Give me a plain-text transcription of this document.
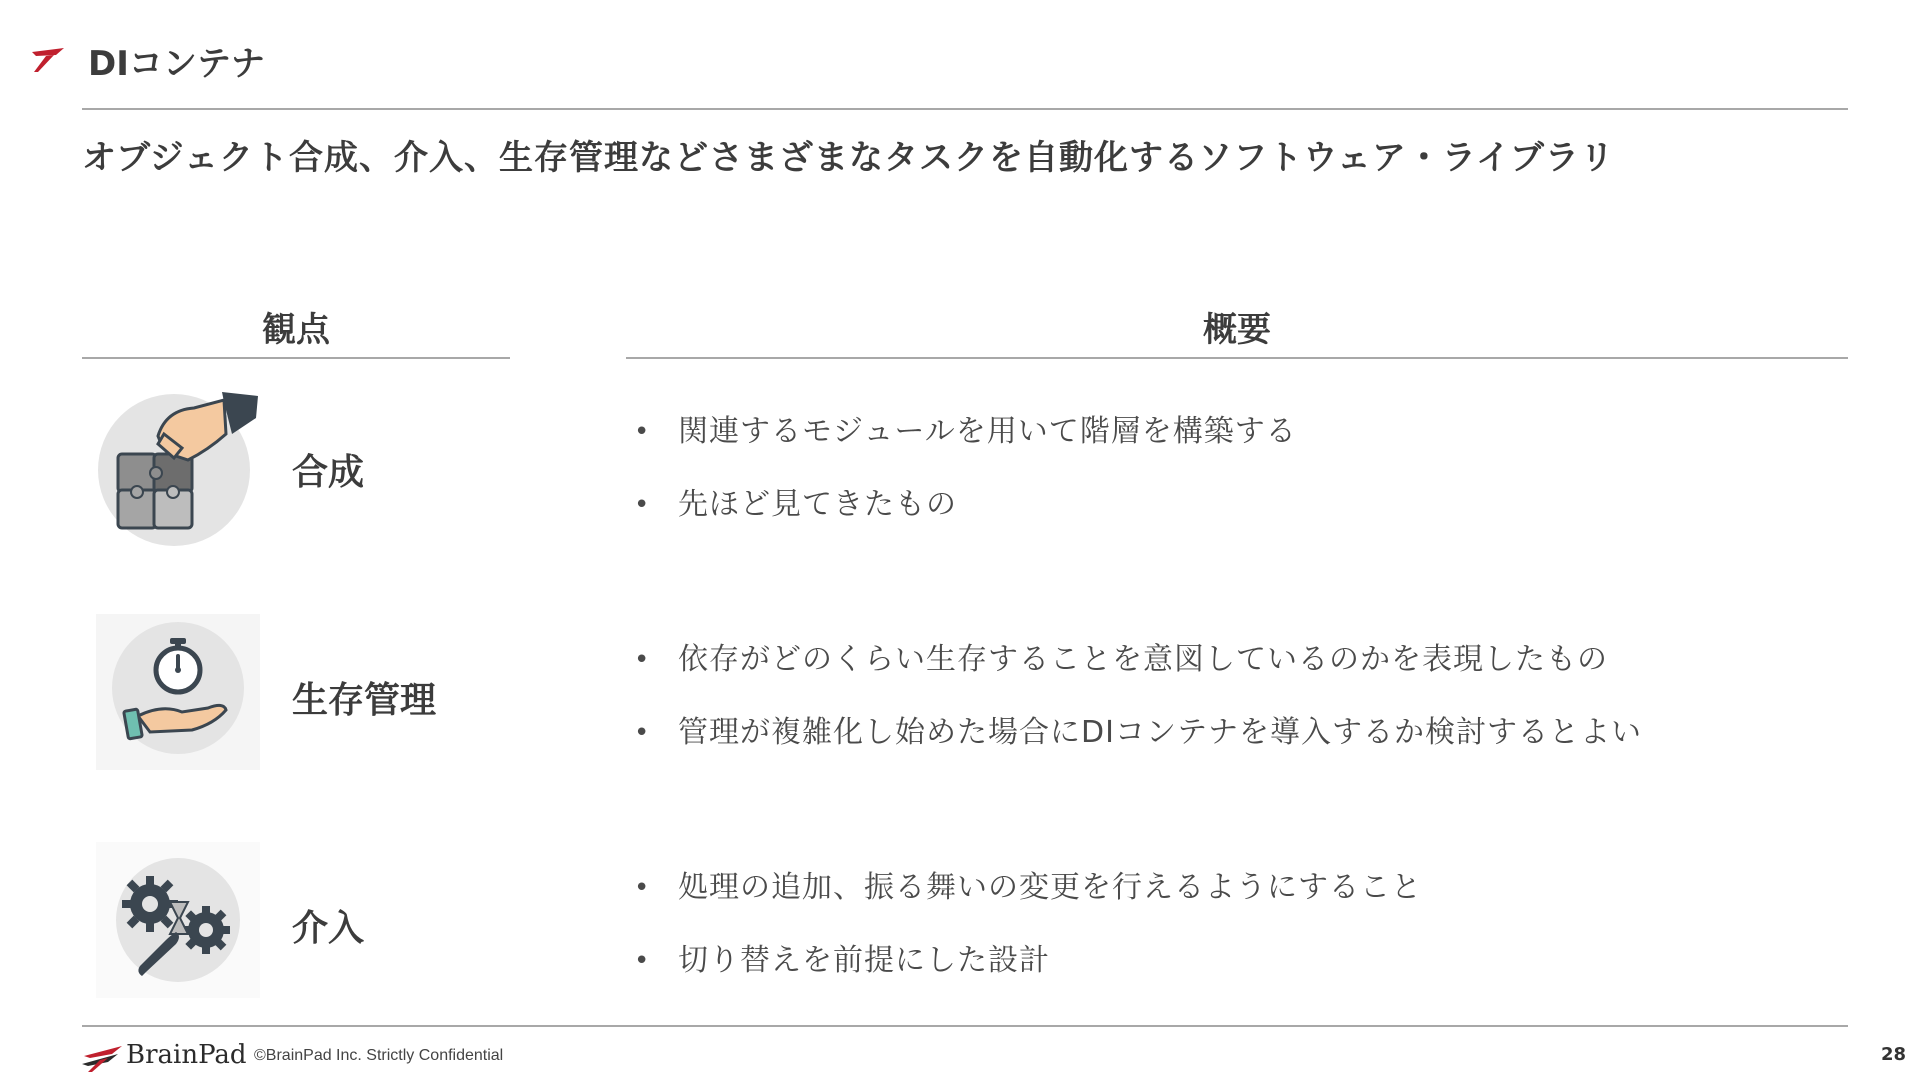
DIコンテナ
オブジェクト合成、介入、生存管理などさまざまなタスクを自動化するソフトウェア・ライブラリ
観点	概要
合成
• 関連するモジュールを用いて階層を構築する
• 先ほど見てきたもの
生存管理
• 依存がどのくらい生存することを意図しているのかを表現したもの
• 管理が複雑化し始めた場合にDIコンテナを導入するか検討するとよい
介入
• 処理の追加、振る舞いの変更を行えるようにすること
• 切り替えを前提にした設計
BrainPad ©BrainPad Inc. Strictly Confidential	28
